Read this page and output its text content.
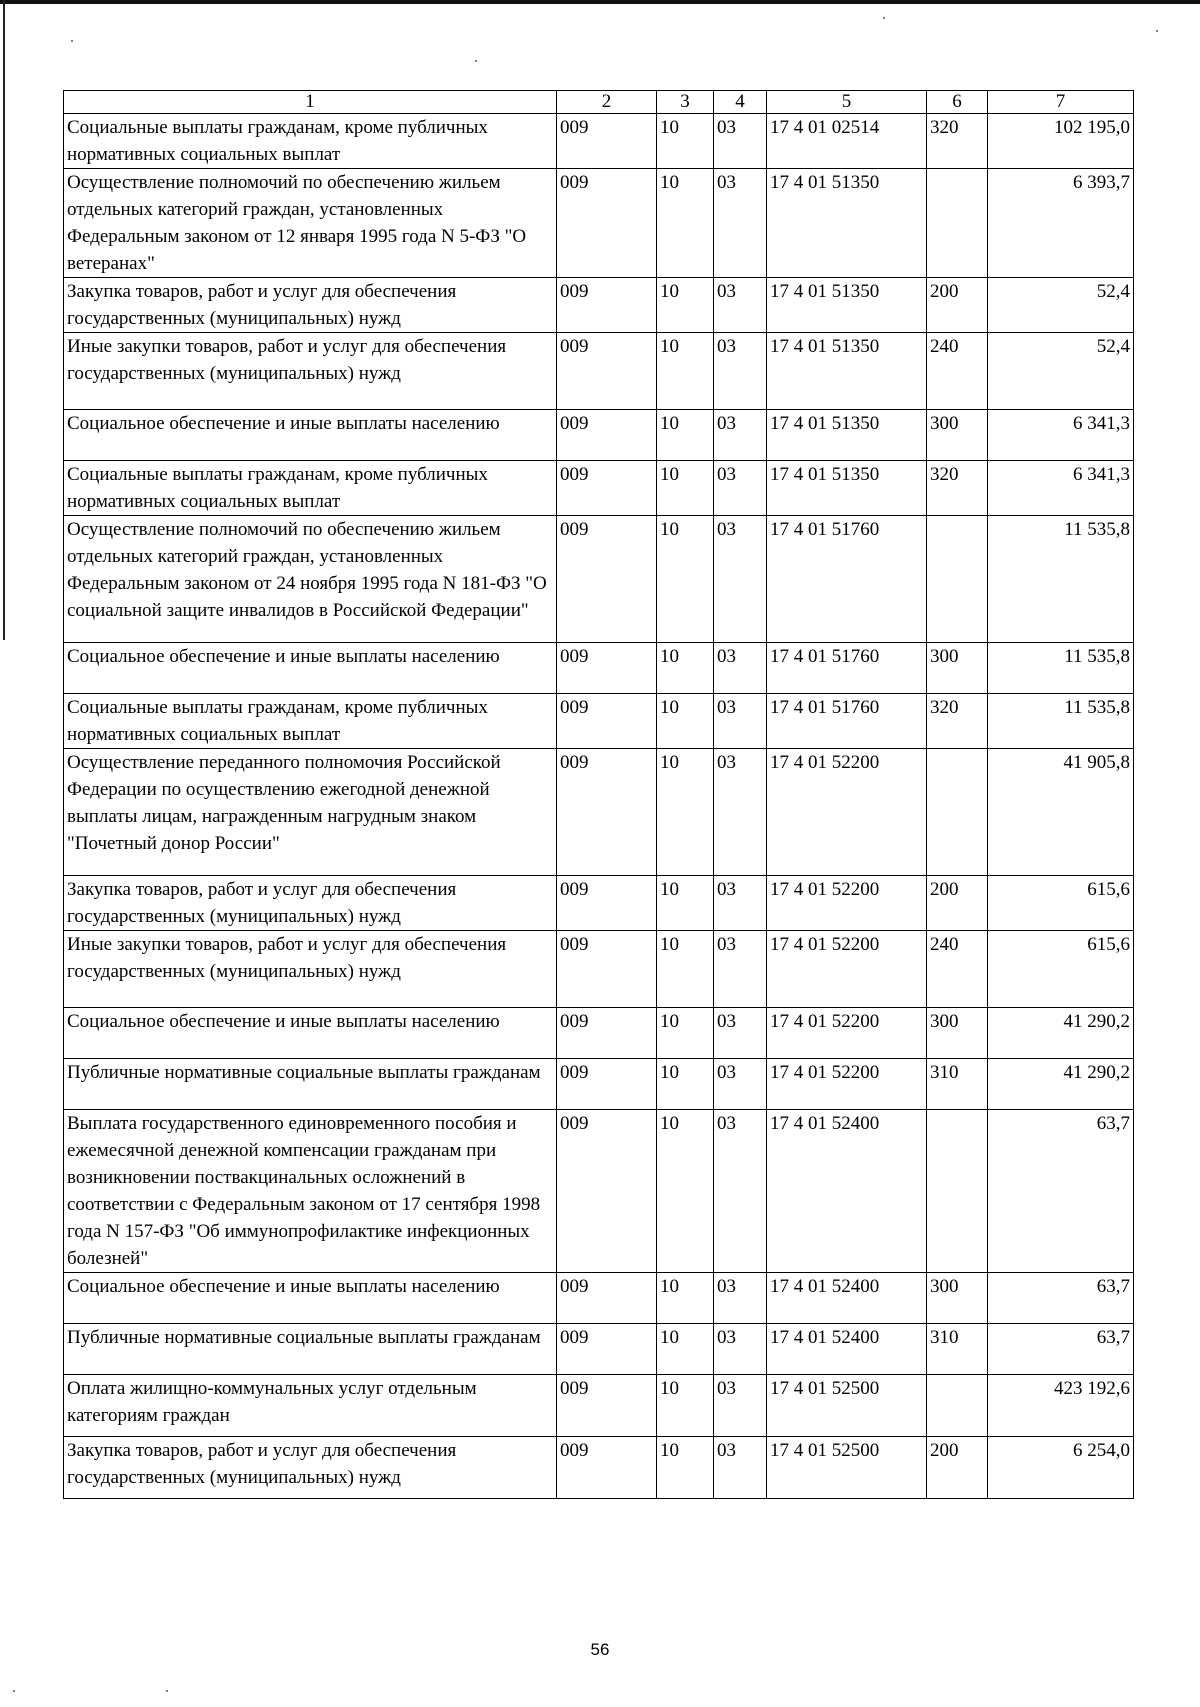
1	2	3	4	5	6	7
Социальные выплаты гражданам, кроме публичных нормативных социальных выплат	009	10	03	17 4 01 02514	320	102 195,0
Осуществление полномочий по обеспечению жильем отдельных категорий граждан, установленных Федеральным законом от 12 января 1995 года N 5-ФЗ "О ветеранах"	009	10	03	17 4 01 51350		6 393,7
Закупка товаров, работ и услуг для обеспечения государственных (муниципальных) нужд	009	10	03	17 4 01 51350	200	52,4
Иные закупки товаров, работ и услуг для обеспечения государственных (муниципальных) нужд	009	10	03	17 4 01 51350	240	52,4
Социальное обеспечение и иные выплаты населению	009	10	03	17 4 01 51350	300	6 341,3
Социальные выплаты гражданам, кроме публичных нормативных социальных выплат	009	10	03	17 4 01 51350	320	6 341,3
Осуществление полномочий по обеспечению жильем отдельных категорий граждан, установленных Федеральным законом от 24 ноября 1995 года N 181-ФЗ "О социальной защите инвалидов в Российской Федерации"	009	10	03	17 4 01 51760		11 535,8
Социальное обеспечение и иные выплаты населению	009	10	03	17 4 01 51760	300	11 535,8
Социальные выплаты гражданам, кроме публичных нормативных социальных выплат	009	10	03	17 4 01 51760	320	11 535,8
Осуществление переданного полномочия Российской Федерации по осуществлению ежегодной денежной выплаты лицам, награжденным нагрудным знаком "Почетный донор России"	009	10	03	17 4 01 52200		41 905,8
Закупка товаров, работ и услуг для обеспечения государственных (муниципальных) нужд	009	10	03	17 4 01 52200	200	615,6
Иные закупки товаров, работ и услуг для обеспечения государственных (муниципальных) нужд	009	10	03	17 4 01 52200	240	615,6
Социальное обеспечение и иные выплаты населению	009	10	03	17 4 01 52200	300	41 290,2
Публичные нормативные социальные выплаты гражданам	009	10	03	17 4 01 52200	310	41 290,2
Выплата государственного единовременного пособия и ежемесячной денежной компенсации гражданам при возникновении поствакцинальных осложнений в соответствии с Федеральным законом от 17 сентября 1998 года N 157-ФЗ "Об иммунопрофилактике инфекционных болезней"	009	10	03	17 4 01 52400		63,7
Социальное обеспечение и иные выплаты населению	009	10	03	17 4 01 52400	300	63,7
Публичные нормативные социальные выплаты гражданам	009	10	03	17 4 01 52400	310	63,7
Оплата жилищно-коммунальных услуг отдельным категориям граждан	009	10	03	17 4 01 52500		423 192,6
Закупка товаров, работ и услуг для обеспечения государственных (муниципальных) нужд	009	10	03	17 4 01 52500	200	6 254,0
56
